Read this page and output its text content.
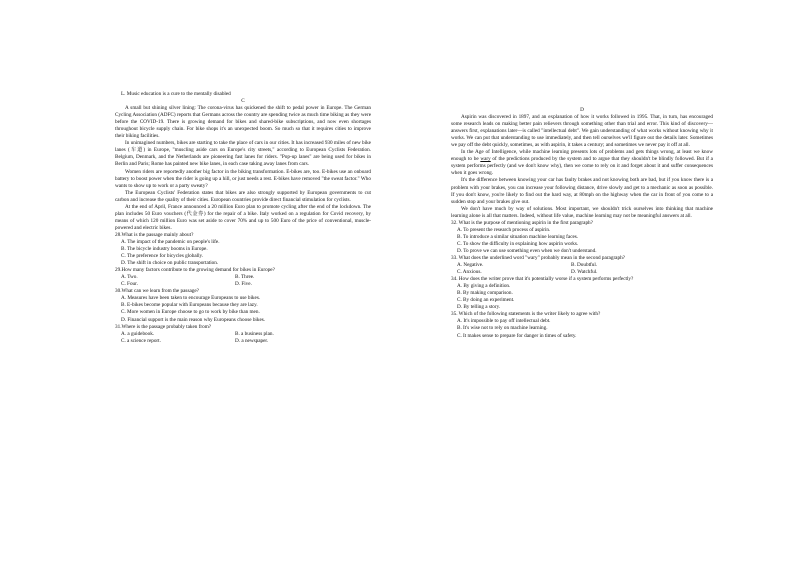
L. Music education is a cure to the mentally disabled

C

A small but shining silver lining: The corona-virus has quickened the shift to pedal power in Europe. The German Cycling Association (ADFC) reports that Germans across the country are spending twice as much time biking as they were before the COVID-19. There is growing demand for bikes and shared-bike subscriptions, and now even shortages throughout bicycle supply chain. For bike shops it's an unexpected boom. So much so that it requires cities to improve their biking facilities.

In unimagined numbers, bikes are starting to take the place of cars in our cities. It has increased 930 miles of new bike lanes (车道) in Europe, "muscling aside cars on Europe's city streets," according to European Cyclists Federation. Belgium, Denmark, and the Netherlands are pioneering fast lanes for riders. "Pop-up lanes" are being used for bikes in Berlin and Paris; Rome has painted new bike lanes, in each case taking away lanes from cars.

Women riders are reportedly another big factor in the biking transformation. E-bikes are, too. E-bikes use an onboard battery to boost power when the rider is going up a hill, or just needs a rest. E-bikes have removed "the sweat factor." Who wants to show up to work or a party sweaty?

The European Cyclists' Federation states that bikes are also strongly supported by European governments to cut carbon and increase the quality of their cities. European countries provide direct financial stimulation for cyclists.

At the end of April, France announced a 20 million Euro plan to promote cycling after the end of the lockdown. The plan includes 50 Euro vouchers (代金券) for the repair of a bike. Italy worked on a regulation for Covid recovery, by means of which 120 million Euro was set aside to cover 70% and up to 500 Euro of the price of conventional, muscle-powered and electric bikes.

28.What is the passage mainly about?

A. The impact of the pandemic on people's life.

B. The bicycle industry booms in Europe.

C. The preference for bicycles globally.

D. The shift in choice on public transportation.

29.How many factors contribute to the growing demand for bikes in Europe?

A. Two.	B. Three.
C. Four.	D. Five.

30.What can we learn from the passage?

A. Measures have been taken to encourage Europeans to use bikes.

B. E-bikes become popular with Europeans because they are lazy.

C. More women in Europe choose to go to work by bike than men.

D. Financial support is the main reason why Europeans choose bikes.

31.Where is the passage probably taken from?

A. a guidebook.	B. a business plan.
C. a science report.	D. a newspaper.

D

Aspirin was discovered in 1897, and an explanation of how it works followed in 1995. That, in turn, has encouraged some research leads on making better pain relievers through something other than trial and error. This kind of discovery—answers first, explanations later—is called "intellectual debt". We gain understanding of what works without knowing why it works. We can put that understanding to use immediately, and then tell ourselves we'll figure out the details later. Sometimes we pay off the debt quickly, sometimes, as with aspirin, it takes a century; and sometimes we never pay it off at all.

In the Age of Intelligence, while machine learning presents lots of problems and gets things wrong, at least we know enough to be wary of the predictions produced by the system and to argue that they shouldn't be blindly followed. But if a system performs perfectly (and we don't know why), then we come to rely on it and forget about it and suffer consequences when it goes wrong.

It's the difference between knowing your car has faulty brakes and not knowing both are bad, but if you know there is a problem with your brakes, you can increase your following distance, drive slowly and get to a mechanic as soon as possible. If you don't know, you're likely to find out the hard way, at 80mph on the highway when the car in front of you come to a sudden stop and your brakes give out.

We don't have much by way of solutions. Most important, we shouldn't trick ourselves into thinking that machine learning alone is all that matters. Indeed, without life value, machine learning may not be meaningful answers at all.

32. What is the purpose of mentioning aspirin in the first paragraph?

A. To present the research process of aspirin.

B. To introduce a similar situation machine learning faces.

C. To show the difficulty in explaining how aspirin works.

D. To prove we can use something even when we don't understand.

33. What does the underlined word "wary" probably mean in the second paragraph?

A. Negative.	B. Doubtful.
C. Anxious.	D. Watchful.

34. How does the writer prove that it's potentially worse if a system performs perfectly?

A. By giving a definition.

B. By making comparison.

C. By doing an experiment.

D. By telling a story.

35. Which of the following statements is the writer likely to agree with?

A. It's impossible to pay off intellectual debt.

B. It's wise not to rely on machine learning.

C. It makes sense to prepare for danger in times of safety.
